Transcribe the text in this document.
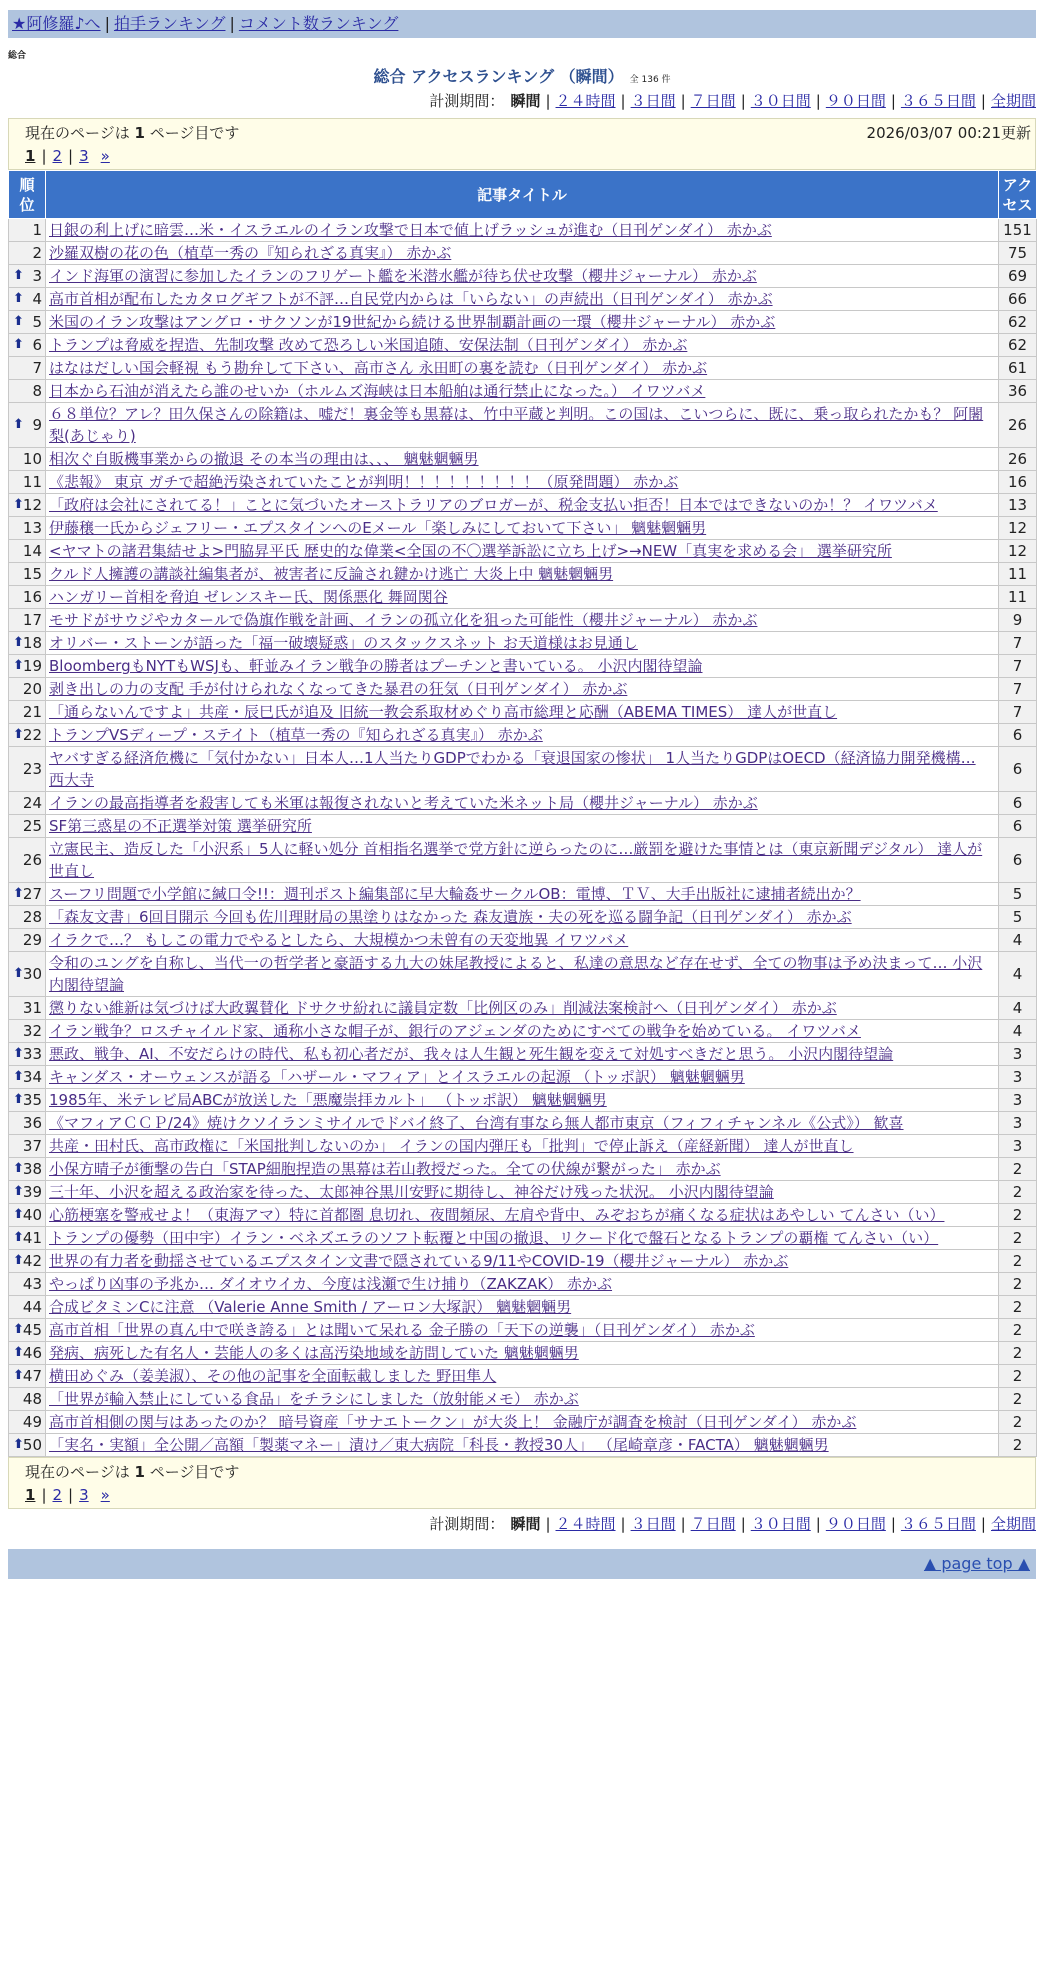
★阿修羅♪へ | 拍手ランキング | コメント数ランキング
総合
総合 アクセスランキング （瞬間） 全 136 件
計測期間： 瞬間 | ２４時間 | ３日間 | ７日間 | ３０日間 | ９０日間 | ３６５日間 | 全期間
現在のページは 1 ページ目です	2026/03/07 00:21更新
1 | 2 | 3 »
順位	記事タイトル	アクセス

1	日銀の利上げに暗雲…米・イスラエルのイラン攻撃で日本で値上げラッシュが進む（日刊ゲンダイ） 赤かぶ	151
2	沙羅双樹の花の色（植草一秀の『知られざる真実』） 赤かぶ	75

⬆ 3	インド海軍の演習に参加したイランのフリゲート艦を米潜水艦が待ち伏せ攻撃（櫻井ジャーナル） 赤かぶ	69

⬆ 4	高市首相が配布したカタログギフトが不評…自民党内からは「いらない」の声続出（日刊ゲンダイ） 赤かぶ	66

⬆ 5	米国のイラン攻撃はアングロ・サクソンが19世紀から続ける世界制覇計画の一環（櫻井ジャーナル） 赤かぶ	62

⬆ 6	トランプは脅威を捏造、先制攻撃 改めて恐ろしい米国追随、安保法制（日刊ゲンダイ） 赤かぶ	62
7	はなはだしい国会軽視 もう勘弁して下さい、高市さん 永田町の裏を読む（日刊ゲンダイ） 赤かぶ	61
8	日本から石油が消えたら誰のせいか（ホルムズ海峡は日本船舶は通行禁止になった。） イワツバメ	36

⬆ 9	６８単位？アレ？田久保さんの除籍は、嘘だ！裏金等も黒幕は、竹中平蔵と判明。この国は、こいつらに、既に、乗っ取られたかも？ 阿闍梨(あじゃり)	26
10	相次ぐ自販機事業からの撤退 その本当の理由は、、、 魑魅魍魎男	26
11	《悲報》 東京 ガチで超絶汚染されていたことが判明！！！！！！！！！（原発問題） 赤かぶ	16

⬆ 12	「政府は会社にされてる！」ことに気づいたオーストラリアのブロガーが、税金支払い拒否！日本ではできないのか！？ イワツバメ	13
13	伊藤穣一氏からジェフリー・エプスタインへのEメール「楽しみにしておいて下さい」 魑魅魍魎男	12
14	<ヤマトの諸君集結せよ>門脇昇平氏 歴史的な偉業<全国の不〇選挙訴訟に立ち上げ>→NEW「真実を求める会」 選挙研究所	12
15	クルド人擁護の講談社編集者が、被害者に反論され鍵かけ逃亡 大炎上中 魑魅魍魎男	11
16	ハンガリー首相を脅迫 ゼレンスキー氏、関係悪化 舞岡関谷	11
17	モサドがサウジやカタールで偽旗作戦を計画、イランの孤立化を狙った可能性（櫻井ジャーナル） 赤かぶ	9

⬆ 18	オリバー・ストーンが語った「福一破壊疑惑」のスタックスネット お天道様はお見通し	7

⬆ 19	BloombergもNYTもWSJも、軒並みイラン戦争の勝者はプーチンと書いている。 小沢内閣待望論	7
20	剥き出しの力の支配 手が付けられなくなってきた暴君の狂気（日刊ゲンダイ） 赤かぶ	7
21	「通らないんですよ」共産・辰巳氏が追及 旧統一教会系取材めぐり高市総理と応酬（ABEMA TIMES） 達人が世直し	7

⬆ 22	トランプVSディープ・ステイト（植草一秀の『知られざる真実』） 赤かぶ	6
23	ヤバすぎる経済危機に「気付かない」日本人…1人当たりGDPでわかる「衰退国家の惨状」 1人当たりGDPはOECD（経済協力開発機構… 西大寺	6
24	イランの最高指導者を殺害しても米軍は報復されないと考えていた米ネット局（櫻井ジャーナル） 赤かぶ	6
25	SF第三惑星の不正選挙対策 選挙研究所	6
26	立憲民主、造反した「小沢系」5人に軽い処分 首相指名選挙で党方針に逆らったのに…厳罰を避けた事情とは（東京新聞デジタル） 達人が世直し	6

⬆ 27	スーフリ問題で小学館に緘口令!!：週刊ポスト編集部に早大輪姦サークルOB：電博、ＴＶ、大手出版社に逮捕者続出か？	5
28	「森友文書」6回目開示 今回も佐川理財局の黒塗りはなかった 森友遺族・夫の死を巡る闘争記（日刊ゲンダイ） 赤かぶ	5
29	イラクで…？ もしこの電力でやるとしたら、大規模かつ未曾有の天変地異 イワツバメ	4

⬆ 30	令和のユングを自称し、当代一の哲学者と豪語する九大の妹尾教授によると、私達の意思など存在せず、全ての物事は予め決まって… 小沢内閣待望論	4
31	懲りない維新は気づけば大政翼賛化 ドサクサ紛れに議員定数「比例区のみ」削減法案検討へ（日刊ゲンダイ） 赤かぶ	4
32	イラン戦争？ロスチャイルド家、通称小さな帽子が、銀行のアジェンダのためにすべての戦争を始めている。 イワツバメ	4

⬆ 33	悪政、戦争、AI、不安だらけの時代、私も初心者だが、我々は人生観と死生観を変えて対処すべきだと思う。 小沢内閣待望論	3

⬆ 34	キャンダス・オーウェンスが語る「ハザール・マフィア」とイスラエルの起源 （トッポ訳） 魑魅魍魎男	3

⬆ 35	1985年、米テレビ局ABCが放送した「悪魔崇拝カルト」 （トッポ訳） 魑魅魍魎男	3
36	《マフィアＣＣＰ/24》焼けクソイランミサイルでドバイ終了、台湾有事なら無人都市東京（フィフィチャンネル《公式》） 歓喜	3
37	共産・田村氏、高市政権に「米国批判しないのか」 イランの国内弾圧も「批判」で停止訴え（産経新聞） 達人が世直し	3

⬆ 38	小保方晴子が衝撃の告白「STAP細胞捏造の黒幕は若山教授だった。全ての伏線が繋がった」 赤かぶ	2

⬆ 39	三十年、小沢を超える政治家を待った、太郎神谷黒川安野に期待し、神谷だけ残った状況。 小沢内閣待望論	2

⬆ 40	心筋梗塞を警戒せよ！（東海アマ）特に首都圏 息切れ、夜間頻尿、左肩や背中、みぞおちが痛くなる症状はあやしい てんさい（い）	2

⬆ 41	トランプの優勢（田中宇）イラン・ベネズエラのソフト転覆と中国の撤退、リクード化で盤石となるトランプの覇権 てんさい（い）	2

⬆ 42	世界の有力者を動揺させているエプスタイン文書で隠されている9/11やCOVID-19（櫻井ジャーナル） 赤かぶ	2
43	やっぱり凶事の予兆か… ダイオウイカ、今度は浅瀬で生け捕り（ZAKZAK） 赤かぶ	2
44	合成ビタミンCに注意 （Valerie Anne Smith / アーロン大塚訳） 魑魅魍魎男	2

⬆ 45	高市首相「世界の真ん中で咲き誇る」とは聞いて呆れる 金子勝の「天下の逆襲」（日刊ゲンダイ） 赤かぶ	2

⬆ 46	発病、病死した有名人・芸能人の多くは高汚染地域を訪問していた 魑魅魍魎男	2

⬆ 47	横田めぐみ（姜美淑）、その他の記事を全面転載しました 野田隼人	2
48	「世界が輸入禁止にしている食品」をチラシにしました（放射能メモ） 赤かぶ	2
49	高市首相側の関与はあったのか？ 暗号資産「サナエトークン」が大炎上！ 金融庁が調査を検討（日刊ゲンダイ） 赤かぶ	2

⬆ 50	「実名・実額」全公開／高額「製薬マネー」漬け／東大病院「科長・教授30人」 （尾崎章彦・FACTA） 魑魅魍魎男	2
現在のページは 1 ページ目です
1 | 2 | 3 »
計測期間： 瞬間 | ２４時間 | ３日間 | ７日間 | ３０日間 | ９０日間 | ３６５日間 | 全期間
▲ page top ▲
